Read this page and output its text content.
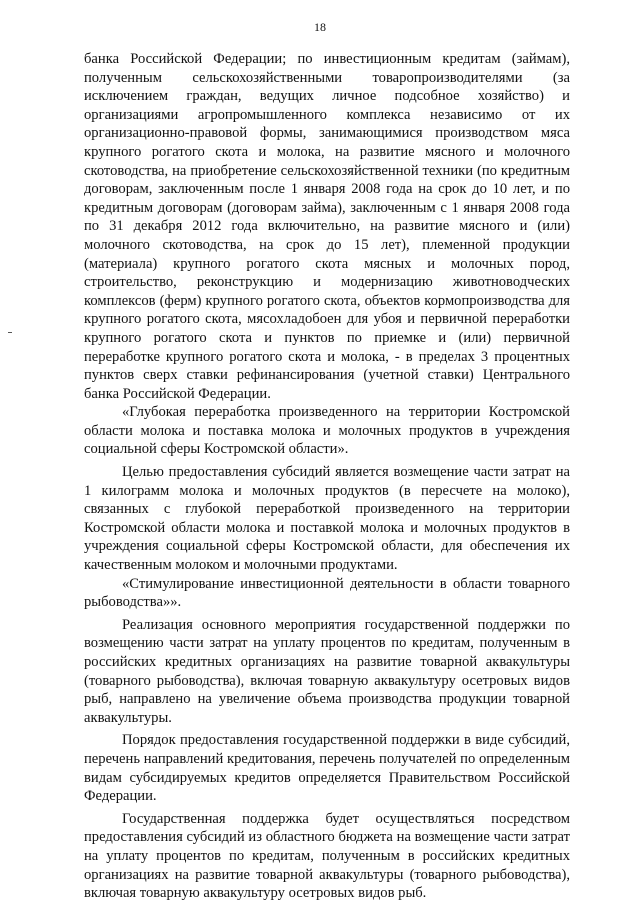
18

банка Российской Федерации; по инвестиционным кредитам (займам), полученным сельскохозяйственными товаропроизводителями (за исключением граждан, ведущих личное подсобное хозяйство) и организациями агропромышленного комплекса независимо от их организационно-правовой формы, занимающимися производством мяса крупного рогатого скота и молока, на развитие мясного и молочного скотоводства, на приобретение сельскохозяйственной техники (по кредитным договорам, заключенным после 1 января 2008 года на срок до 10 лет, и по кредитным договорам (договорам займа), заключенным с 1 января 2008 года по 31 декабря 2012 года включительно, на развитие мясного и (или) молочного скотоводства, на срок до 15 лет), племенной продукции (материала) крупного рогатого скота мясных и молочных пород, строительство, реконструкцию и модернизацию животноводческих комплексов (ферм) крупного рогатого скота, объектов кормопроизводства для крупного рогатого скота, мясохладобоен для убоя и первичной переработки крупного рогатого скота и пунктов по приемке и (или) первичной переработке крупного рогатого скота и молока, - в пределах 3 процентных пунктов сверх ставки рефинансирования (учетной ставки) Центрального банка Российской Федерации.

«Глубокая переработка произведенного на территории Костромской области молока и поставка молока и молочных продуктов в учреждения социальной сферы Костромской области».

Целью предоставления субсидий является возмещение части затрат на 1 килограмм молока и молочных продуктов (в пересчете на молоко), связанных с глубокой переработкой произведенного на территории Костромской области молока и поставкой молока и молочных продуктов в учреждения социальной сферы Костромской области, для обеспечения их качественным молоком и молочными продуктами.

«Стимулирование инвестиционной деятельности в области товарного рыбоводства»».

Реализация основного мероприятия государственной поддержки по возмещению части затрат на уплату процентов по кредитам, полученным в российских кредитных организациях на развитие товарной аквакультуры (товарного рыбоводства), включая товарную аквакультуру осетровых видов рыб, направлено на увеличение объема производства продукции товарной аквакультуры.

Порядок предоставления государственной поддержки в виде субсидий, перечень направлений кредитования, перечень получателей по определенным видам субсидируемых кредитов определяется Правительством Российской Федерации.

Государственная поддержка будет осуществляться посредством предоставления субсидий из областного бюджета на возмещение части затрат на уплату процентов по кредитам, полученным в российских кредитных организациях на развитие товарной аквакультуры (товарного рыбоводства), включая товарную аквакультуру осетровых видов рыб.
